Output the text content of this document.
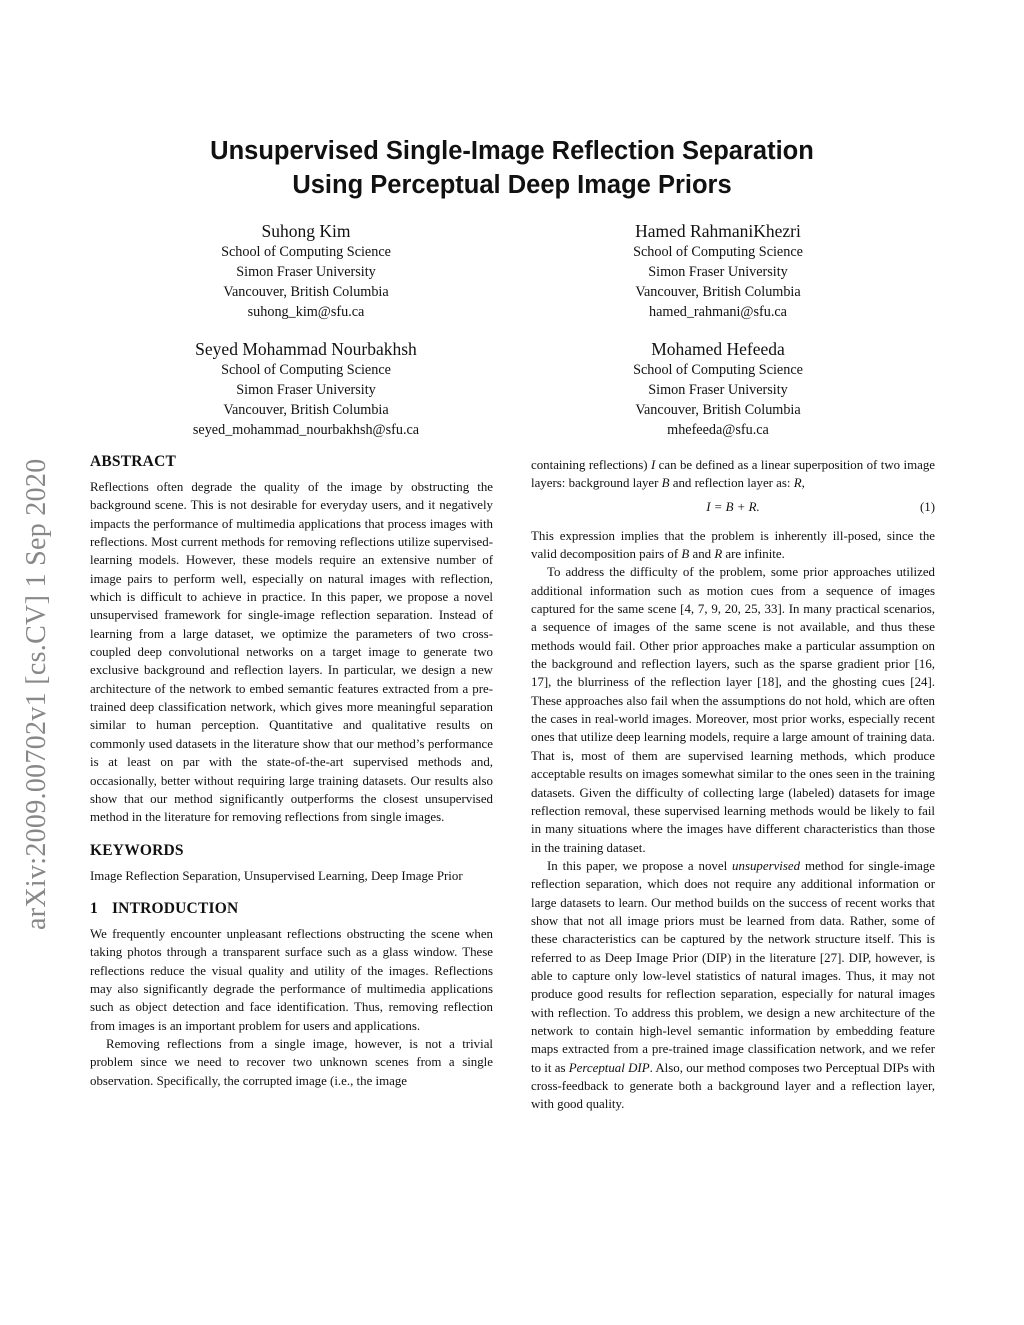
Unsupervised Single-Image Reflection Separation
Using Perceptual Deep Image Priors
Suhong Kim
School of Computing Science
Simon Fraser University
Vancouver, British Columbia
suhong_kim@sfu.ca
Hamed RahmaniKhezri
School of Computing Science
Simon Fraser University
Vancouver, British Columbia
hamed_rahmani@sfu.ca
Seyed Mohammad Nourbakhsh
School of Computing Science
Simon Fraser University
Vancouver, British Columbia
seyed_mohammad_nourbakhsh@sfu.ca
Mohamed Hefeeda
School of Computing Science
Simon Fraser University
Vancouver, British Columbia
mhefeeda@sfu.ca
arXiv:2009.00702v1 [cs.CV] 1 Sep 2020	ABSTRACT

Reflections often degrade the quality of the image by obstructing the background scene. This is not desirable for everyday users, and it negatively impacts the performance of multimedia applications that process images with reflections. Most current methods for removing reflections utilize supervised-learning models. However, these models require an extensive number of image pairs to perform well, especially on natural images with reflection, which is difficult to achieve in practice. In this paper, we propose a novel unsupervised framework for single-image reflection separation. Instead of learning from a large dataset, we optimize the parameters of two cross-coupled deep convolutional networks on a target image to generate two exclusive background and reflection layers. In particular, we design a new architecture of the network to embed semantic features extracted from a pre-trained deep classification network, which gives more meaningful separation similar to human perception. Quantitative and qualitative results on commonly used datasets in the literature show that our method’s performance is at least on par with the state-of-the-art supervised methods and, occasionally, better without requiring large training datasets. Our results also show that our method significantly outperforms the closest unsupervised method in the literature for removing reflections from single images.

KEYWORDS

Image Reflection Separation, Unsupervised Learning, Deep Image Prior

1 INTRODUCTION

We frequently encounter unpleasant reflections obstructing the scene when taking photos through a transparent surface such as a glass window. These reflections reduce the visual quality and utility of the images. Reflections may also significantly degrade the performance of multimedia applications such as object detection and face identification. Thus, removing reflection from images is an important problem for users and applications.

Removing reflections from a single image, however, is not a trivial problem since we need to recover two unknown scenes from a single observation. Specifically, the corrupted image (i.e., the image

containing reflections) I can be defined as a linear superposition of two image layers: background layer B and reflection layer as: R,

I = B + R.	(1)

This expression implies that the problem is inherently ill-posed, since the valid decomposition pairs of B and R are infinite.

To address the difficulty of the problem, some prior approaches utilized additional information such as motion cues from a sequence of images captured for the same scene [4, 7, 9, 20, 25, 33]. In many practical scenarios, a sequence of images of the same scene is not available, and thus these methods would fail. Other prior approaches make a particular assumption on the background and reflection layers, such as the sparse gradient prior [16, 17], the blurriness of the reflection layer [18], and the ghosting cues [24]. These approaches also fail when the assumptions do not hold, which are often the cases in real-world images. Moreover, most prior works, especially recent ones that utilize deep learning models, require a large amount of training data. That is, most of them are supervised learning methods, which produce acceptable results on images somewhat similar to the ones seen in the training datasets. Given the difficulty of collecting large (labeled) datasets for image reflection removal, these supervised learning methods would be likely to fail in many situations where the images have different characteristics than those in the training dataset.

In this paper, we propose a novel unsupervised method for single-image reflection separation, which does not require any additional information or large datasets to learn. Our method builds on the success of recent works that show that not all image priors must be learned from data. Rather, some of these characteristics can be captured by the network structure itself. This is referred to as Deep Image Prior (DIP) in the literature [27]. DIP, however, is able to capture only low-level statistics of natural images. Thus, it may not produce good results for reflection separation, especially for natural images with reflection. To address this problem, we design a new architecture of the network to contain high-level semantic information by embedding feature maps extracted from a pre-trained image classification network, and we refer to it as Perceptual DIP. Also, our method composes two Perceptual DIPs with cross-feedback to generate both a background layer and a reflection layer, with good quality.
